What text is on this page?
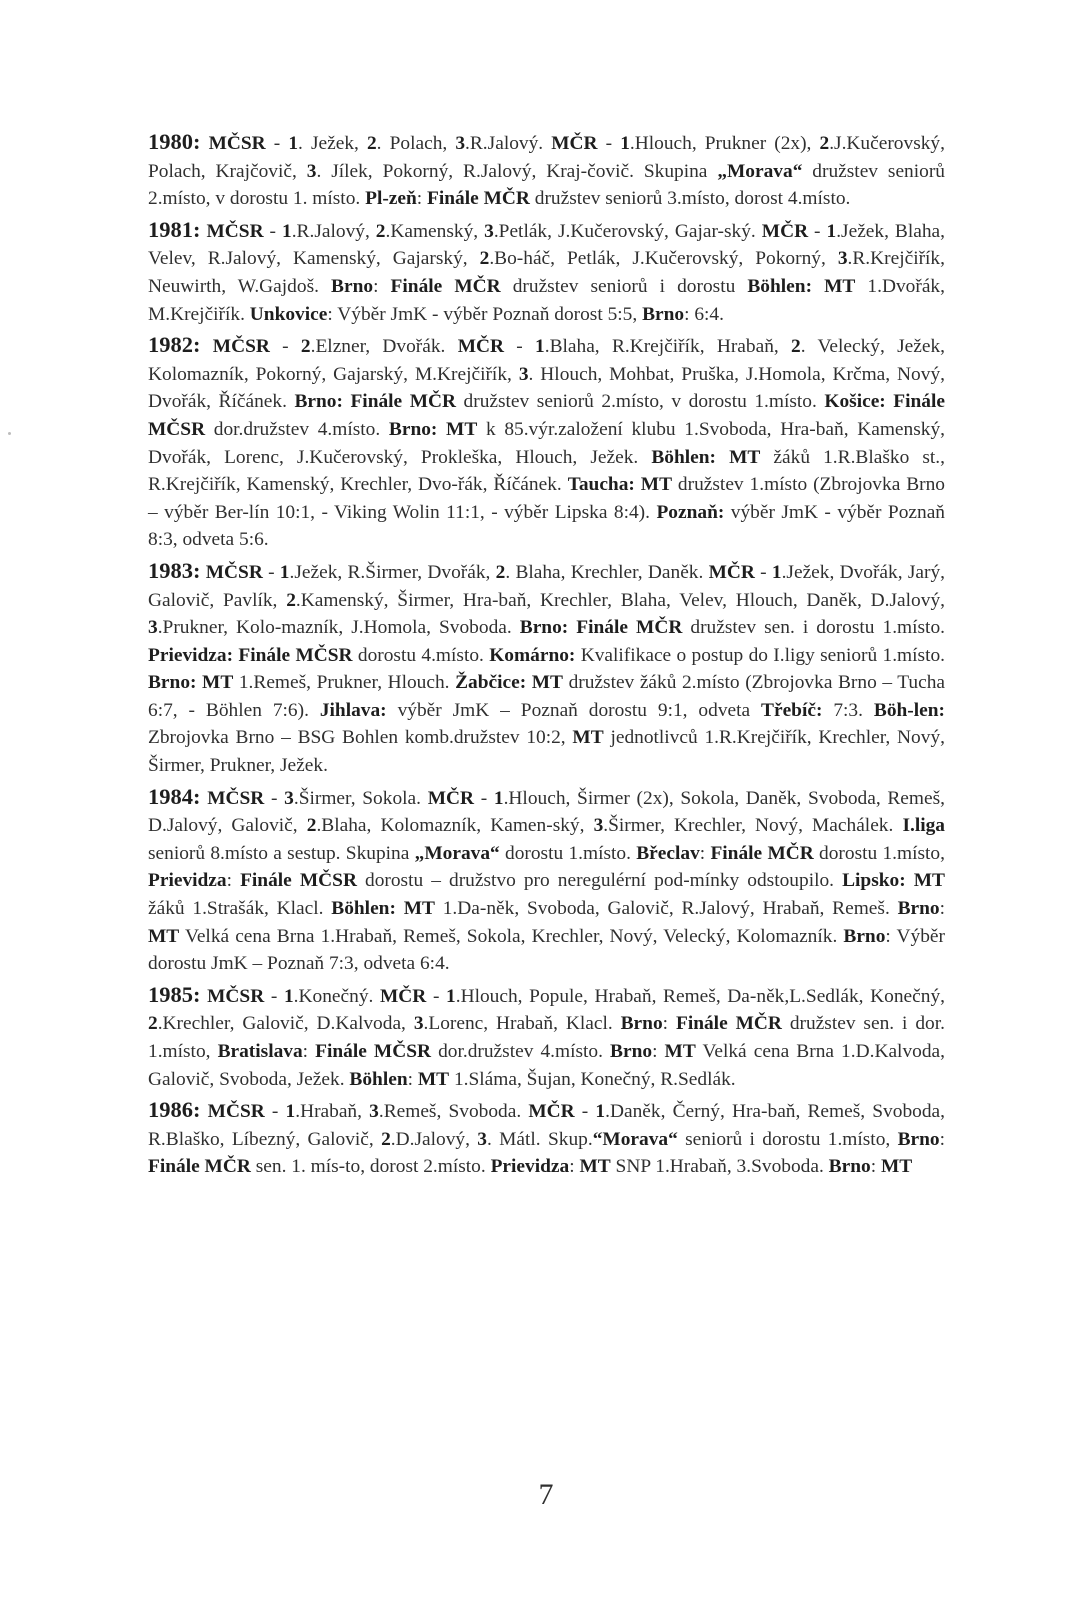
1980: MČSR - 1. Ježek, 2. Polach, 3.R.Jalový. MČR - 1.Hlouch, Prukner (2x), 2.J.Kučerovský, Polach, Krajčovič, 3. Jílek, Pokorný, R.Jalový, Kraj-čovič. Skupina „Morava“ družstev seniorů 2.místo, v dorostu 1. místo. Pl-zeň: Finále MČR družstev seniorů 3.místo, dorost 4.místo.

1981: MČSR - 1.R.Jalový, 2.Kamenský, 3.Petlák, J.Kučerovský, Gajar-ský. MČR - 1.Ježek, Blaha, Velev, R.Jalový, Kamenský, Gajarský, 2.Bo-háč, Petlák, J.Kučerovský, Pokorný, 3.R.Krejčiřík, Neuwirth, W.Gajdoš. Brno: Finále MČR družstev seniorů i dorostu Böhlen: MT 1.Dvořák, M.Krejčiřík. Unkovice: Výběr JmK - výběr Poznaň dorost 5:5, Brno: 6:4.

1982: MČSR - 2.Elzner, Dvořák. MČR - 1.Blaha, R.Krejčiřík, Hrabaň, 2. Velecký, Ježek, Kolomazník, Pokorný, Gajarský, M.Krejčiřík, 3. Hlouch, Mohbat, Pruška, J.Homola, Krčma, Nový, Dvořák, Říčánek. Brno: Finále MČR družstev seniorů 2.místo, v dorostu 1.místo. Košice: Finále MČSR dor.družstev 4.místo. Brno: MT k 85.výr.založení klubu 1.Svoboda, Hra-baň, Kamenský, Dvořák, Lorenc, J.Kučerovský, Prokleška, Hlouch, Ježek. Böhlen: MT žáků 1.R.Blaško st., R.Krejčiřík, Kamenský, Krechler, Dvo-řák, Říčánek. Taucha: MT družstev 1.místo (Zbrojovka Brno – výběr Ber-lín 10:1, - Viking Wolin 11:1, - výběr Lipska 8:4). Poznaň: výběr JmK - výběr Poznaň 8:3, odveta 5:6.

1983: MČSR - 1.Ježek, R.Širmer, Dvořák, 2. Blaha, Krechler, Daněk. MČR - 1.Ježek, Dvořák, Jarý, Galovič, Pavlík, 2.Kamenský, Širmer, Hra-baň, Krechler, Blaha, Velev, Hlouch, Daněk, D.Jalový, 3.Prukner, Kolo-mazník, J.Homola, Svoboda. Brno: Finále MČR družstev sen. i dorostu 1.místo. Prievidza: Finále MČSR dorostu 4.místo. Komárno: Kvalifikace o postup do I.ligy seniorů 1.místo. Brno: MT 1.Remeš, Prukner, Hlouch. Žabčice: MT družstev žáků 2.místo (Zbrojovka Brno – Tucha 6:7, - Böhlen 7:6). Jihlava: výběr JmK – Poznaň dorostu 9:1, odveta Třebíč: 7:3. Böh-len: Zbrojovka Brno – BSG Bohlen komb.družstev 10:2, MT jednotlivců 1.R.Krejčiřík, Krechler, Nový, Širmer, Prukner, Ježek.

1984: MČSR - 3.Širmer, Sokola. MČR - 1.Hlouch, Širmer (2x), Sokola, Daněk, Svoboda, Remeš, D.Jalový, Galovič, 2.Blaha, Kolomazník, Kamen-ský, 3.Širmer, Krechler, Nový, Machálek. I.liga seniorů 8.místo a sestup. Skupina „Morava“ dorostu 1.místo. Břeclav: Finále MČR dorostu 1.místo, Prievidza: Finále MČSR dorostu – družstvo pro neregulérní pod-mínky odstoupilo. Lipsko: MT žáků 1.Strašák, Klacl. Böhlen: MT 1.Da-něk, Svoboda, Galovič, R.Jalový, Hrabaň, Remeš. Brno: MT Velká cena Brna 1.Hrabaň, Remeš, Sokola, Krechler, Nový, Velecký, Kolomazník. Brno: Výběr dorostu JmK – Poznaň 7:3, odveta 6:4.

1985: MČSR - 1.Konečný. MČR - 1.Hlouch, Popule, Hrabaň, Remeš, Da-něk,L.Sedlák, Konečný, 2.Krechler, Galovič, D.Kalvoda, 3.Lorenc, Hrabaň, Klacl. Brno: Finále MČR družstev sen. i dor. 1.místo, Bratislava: Finále MČSR dor.družstev 4.místo. Brno: MT Velká cena Brna 1.D.Kalvoda, Galovič, Svoboda, Ježek. Böhlen: MT 1.Sláma, Šujan, Konečný, R.Sedlák.

1986: MČSR - 1.Hrabaň, 3.Remeš, Svoboda. MČR - 1.Daněk, Černý, Hra-baň, Remeš, Svoboda, R.Blaško, Líbezný, Galovič, 2.D.Jalový, 3. Mátl. Skup.“Morava“ seniorů i dorostu 1.místo, Brno: Finále MČR sen. 1. mís-to, dorost 2.místo. Prievidza: MT SNP 1.Hrabaň, 3.Svoboda. Brno: MT

7
